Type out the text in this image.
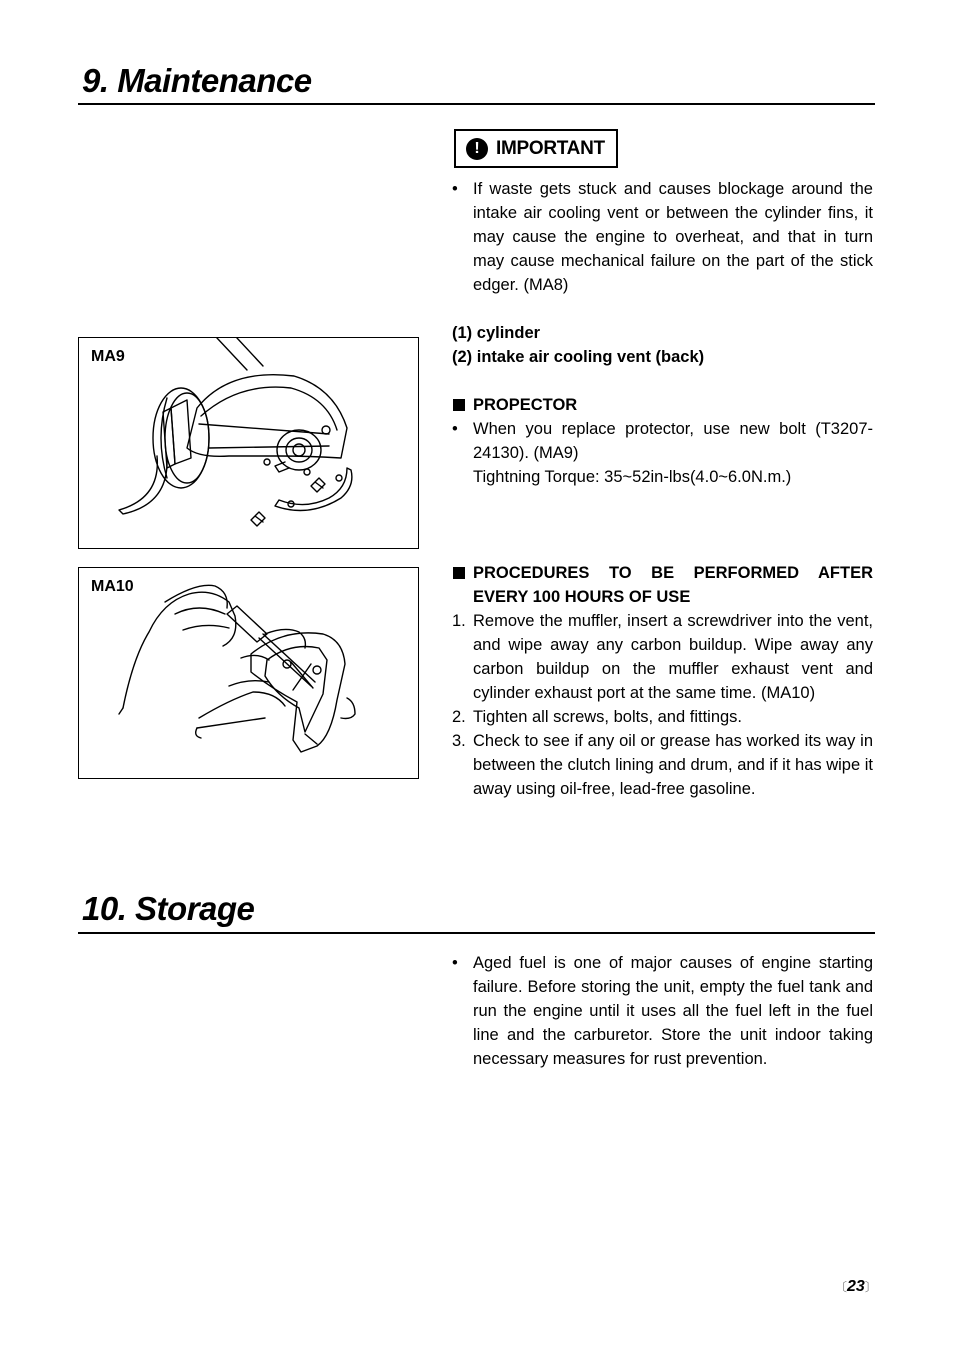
9. Maintenance
! IMPORTANT
• If waste gets stuck and causes blockage around the intake air cooling vent or between the cylinder fins, it may cause the engine to overheat, and that in turn may cause mechanical failure on the part of the stick edger. (MA8)
(1) cylinder
(2) intake air cooling vent (back)
PROPECTOR
• When you replace protector, use new bolt (T3207-24130). (MA9)
Tightning Torque: 35~52in-lbs(4.0~6.0N.m.)
PROCEDURES TO BE PERFORMED AFTER EVERY 100 HOURS OF USE
1. Remove the muffler, insert a screwdriver into the vent, and wipe away any carbon buildup. Wipe away any carbon buildup on the muffler exhaust vent and cylinder exhaust port at the same time. (MA10)
2. Tighten all screws, bolts, and fittings.
3. Check to see if any oil or grease has worked its way in between the clutch lining and drum, and if it has wipe it away using oil-free, lead-free gasoline.
MA9
MA10
10. Storage
• Aged fuel is one of major causes of engine starting failure. Before storing the unit, empty the fuel tank and run the engine until it uses all the fuel left in the fuel line and the carburetor. Store the unit indoor taking necessary measures for rust prevention.
〔23〕
